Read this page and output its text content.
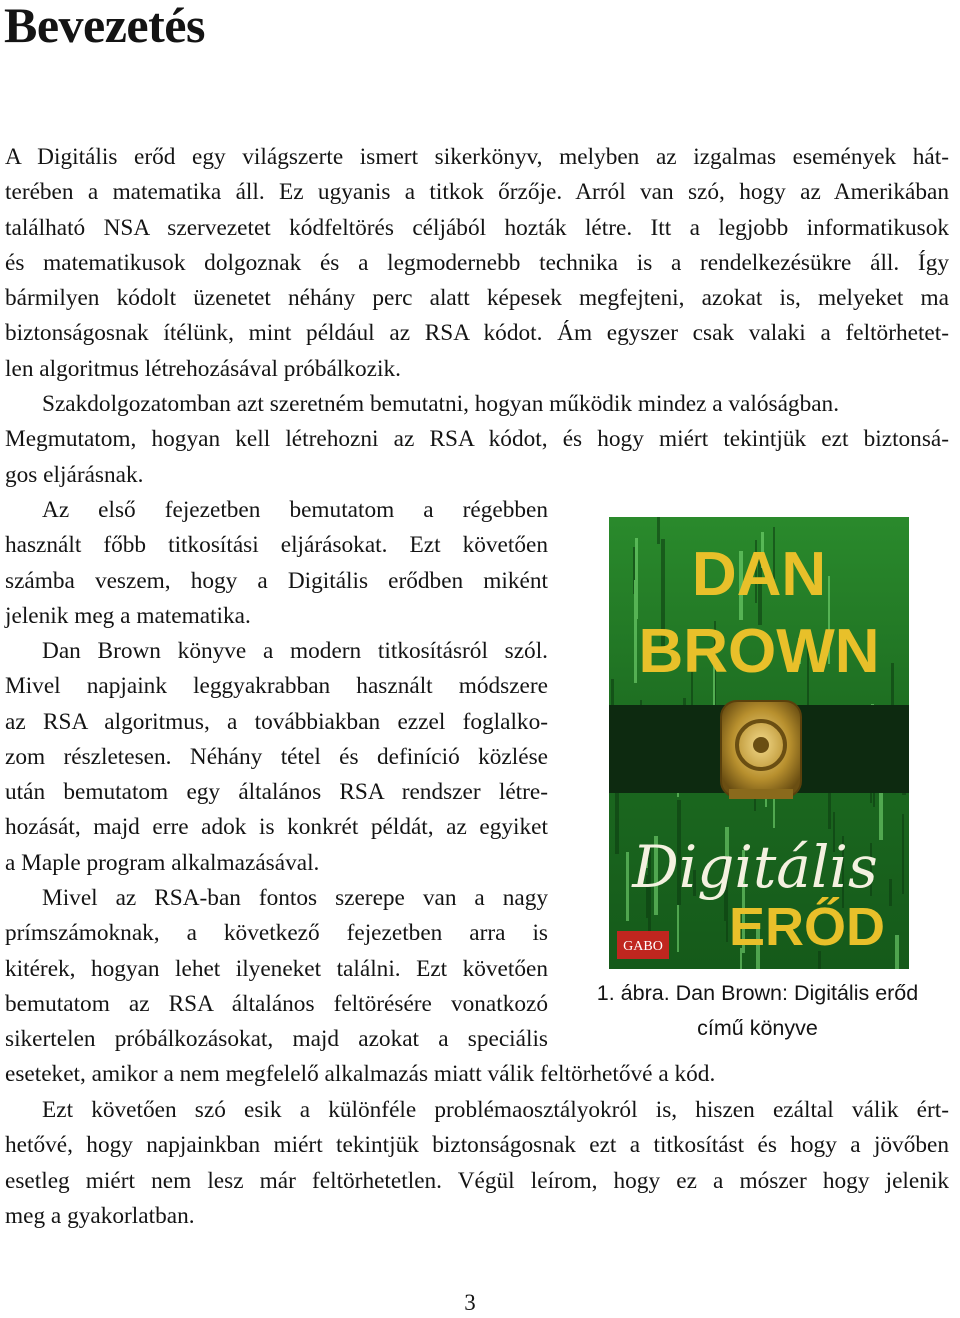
Bevezetés
A Digitális erőd egy világszerte ismert sikerkönyv, melyben az izgalmas események hát-
terében a matematika áll. Ez ugyanis a titkok őrzője. Arról van szó, hogy az Amerikában
található NSA szervezetet kódfeltörés céljából hozták létre. Itt a legjobb informatikusok
és matematikusok dolgoznak és a legmodernebb technika is a rendelkezésükre áll. Így
bármilyen kódolt üzenetet néhány perc alatt képesek megfejteni, azokat is, melyeket ma
biztonságosnak ítélünk, mint például az RSA kódot. Ám egyszer csak valaki a feltörhetet-
len algoritmus létrehozásával próbálkozik.
Szakdolgozatomban azt szeretném bemutatni, hogyan működik mindez a valóságban.
Megmutatom, hogyan kell létrehozni az RSA kódot, és hogy miért tekintjük ezt biztonsá-
gos eljárásnak.
Az első fejezetben bemutatom a régebben
használt főbb titkosítási eljárásokat. Ezt követően
számba veszem, hogy a Digitális erődben miként
jelenik meg a matematika.
Dan Brown könyve a modern titkosításról szól.
Mivel napjaink leggyakrabban használt módszere
az RSA algoritmus, a továbbiakban ezzel foglalko-
zom részletesen. Néhány tétel és definíció közlése
után bemutatom egy általános RSA rendszer létre-
hozását, majd erre adok is konkrét példát, az egyiket
a Maple program alkalmazásával.
Mivel az RSA-ban fontos szerepe van a nagy
prímszámoknak, a következő fejezetben arra is
kitérek, hogyan lehet ilyeneket találni. Ezt követően
bemutatom az RSA általános feltörésére vonatkozó
sikertelen próbálkozásokat, majd azokat a speciális
eseteket, amikor a nem megfelelő alkalmazás miatt válik feltörhetővé a kód.
Ezt követően szó esik a különféle problémaosztályokról is, hiszen ezáltal válik ért-
hetővé, hogy napjainkban miért tekintjük biztonságosnak ezt a titkosítást és hogy a jövőben
esetleg miért nem lesz már feltörhetetlen. Végül leírom, hogy ez a mószer hogy jelenik
meg a gyakorlatban.
DAN
BROWN
Digitális
ERŐD
GABO
1. ábra. Dan Brown: Digitális erőd
című könyve
3
